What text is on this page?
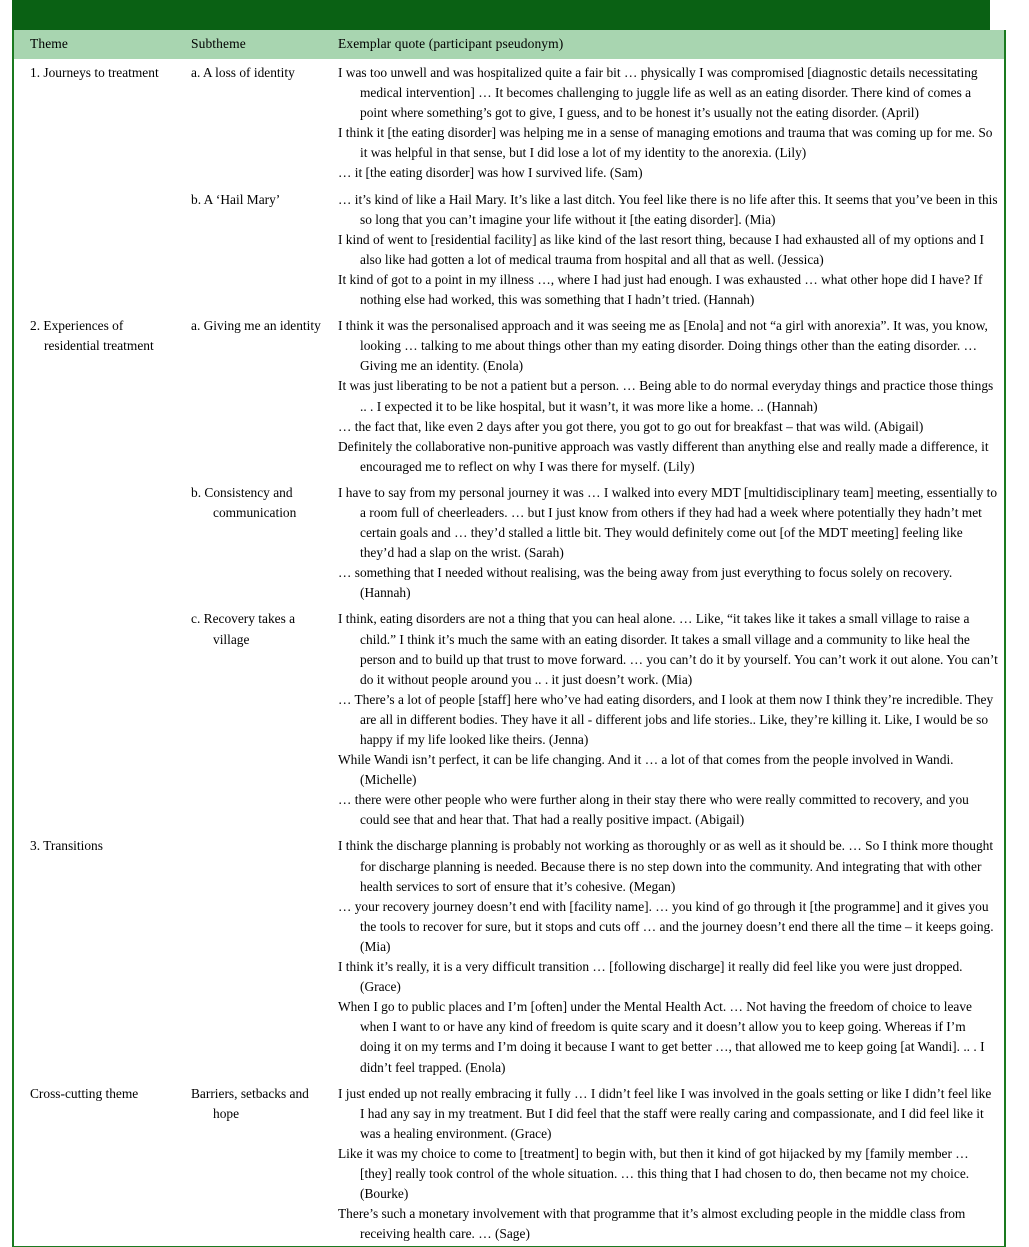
Theme	Subtheme	Exemplar quote (participant pseudonym)

1. Journeys to treatment	a. A loss of identity	I was too unwell and was hospitalized quite a fair bit … physically I was compromised [diagnostic details necessitating medical intervention] … It becomes challenging to juggle life as well as an eating disorder. There kind of comes a point where something’s got to give, I guess, and to be honest it’s usually not the eating disorder. (April)

I think it [the eating disorder] was helping me in a sense of managing emotions and trauma that was coming up for me. So it was helpful in that sense, but I did lose a lot of my identity to the anorexia. (Lily)

… it [the eating disorder] was how I survived life. (Sam)

	b. A ‘Hail Mary’	… it’s kind of like a Hail Mary. It’s like a last ditch. You feel like there is no life after this. It seems that you’ve been in this so long that you can’t imagine your life without it [the eating disorder]. (Mia)

I kind of went to [residential facility] as like kind of the last resort thing, because I had exhausted all of my options and I also like had gotten a lot of medical trauma from hospital and all that as well. (Jessica)

It kind of got to a point in my illness …, where I had just had enough. I was exhausted … what other hope did I have? If nothing else had worked, this was something that I hadn’t tried. (Hannah)

2. Experiences of residential treatment	a. Giving me an identity	I think it was the personalised approach and it was seeing me as [Enola] and not “a girl with anorexia”. It was, you know, looking … talking to me about things other than my eating disorder. Doing things other than the eating disorder. … Giving me an identity. (Enola)

It was just liberating to be not a patient but a person. … Being able to do normal everyday things and practice those things .. . I expected it to be like hospital, but it wasn’t, it was more like a home. .. (Hannah)

… the fact that, like even 2 days after you got there, you got to go out for breakfast – that was wild. (Abigail)

Definitely the collaborative non-punitive approach was vastly different than anything else and really made a difference, it encouraged me to reflect on why I was there for myself. (Lily)

	b. Consistency and communication	I have to say from my personal journey it was … I walked into every MDT [multidisciplinary team] meeting, essentially to a room full of cheerleaders. … but I just know from others if they had had a week where potentially they hadn’t met certain goals and … they’d stalled a little bit. They would definitely come out [of the MDT meeting] feeling like they’d had a slap on the wrist. (Sarah)

… something that I needed without realising, was the being away from just everything to focus solely on recovery. (Hannah)

	c. Recovery takes a village	I think, eating disorders are not a thing that you can heal alone. … Like, “it takes like it takes a small village to raise a child.” I think it’s much the same with an eating disorder. It takes a small village and a community to like heal the person and to build up that trust to move forward. … you can’t do it by yourself. You can’t work it out alone. You can’t do it without people around you .. . it just doesn’t work. (Mia)

… There’s a lot of people [staff] here who’ve had eating disorders, and I look at them now I think they’re incredible. They are all in different bodies. They have it all - different jobs and life stories.. Like, they’re killing it. Like, I would be so happy if my life looked like theirs. (Jenna)

While Wandi isn’t perfect, it can be life changing. And it … a lot of that comes from the people involved in Wandi. (Michelle)

… there were other people who were further along in their stay there who were really committed to recovery, and you could see that and hear that. That had a really positive impact. (Abigail)

3. Transitions		I think the discharge planning is probably not working as thoroughly or as well as it should be. … So I think more thought for discharge planning is needed. Because there is no step down into the community. And integrating that with other health services to sort of ensure that it’s cohesive. (Megan)

… your recovery journey doesn’t end with [facility name]. … you kind of go through it [the programme] and it gives you the tools to recover for sure, but it stops and cuts off … and the journey doesn’t end there all the time – it keeps going. (Mia)

I think it’s really, it is a very difficult transition … [following discharge] it really did feel like you were just dropped. (Grace)

When I go to public places and I’m [often] under the Mental Health Act. … Not having the freedom of choice to leave when I want to or have any kind of freedom is quite scary and it doesn’t allow you to keep going. Whereas if I’m doing it on my terms and I’m doing it because I want to get better …, that allowed me to keep going [at Wandi]. .. . I didn’t feel trapped. (Enola)

Cross-cutting theme	Barriers, setbacks and hope	I just ended up not really embracing it fully … I didn’t feel like I was involved in the goals setting or like I didn’t feel like I had any say in my treatment. But I did feel that the staff were really caring and compassionate, and I did feel like it was a healing environment. (Grace)

Like it was my choice to come to [treatment] to begin with, but then it kind of got hijacked by my [family member … [they] really took control of the whole situation. … this thing that I had chosen to do, then became not my choice. (Bourke)

There’s such a monetary involvement with that programme that it’s almost excluding people in the middle class from receiving health care. … (Sage)
